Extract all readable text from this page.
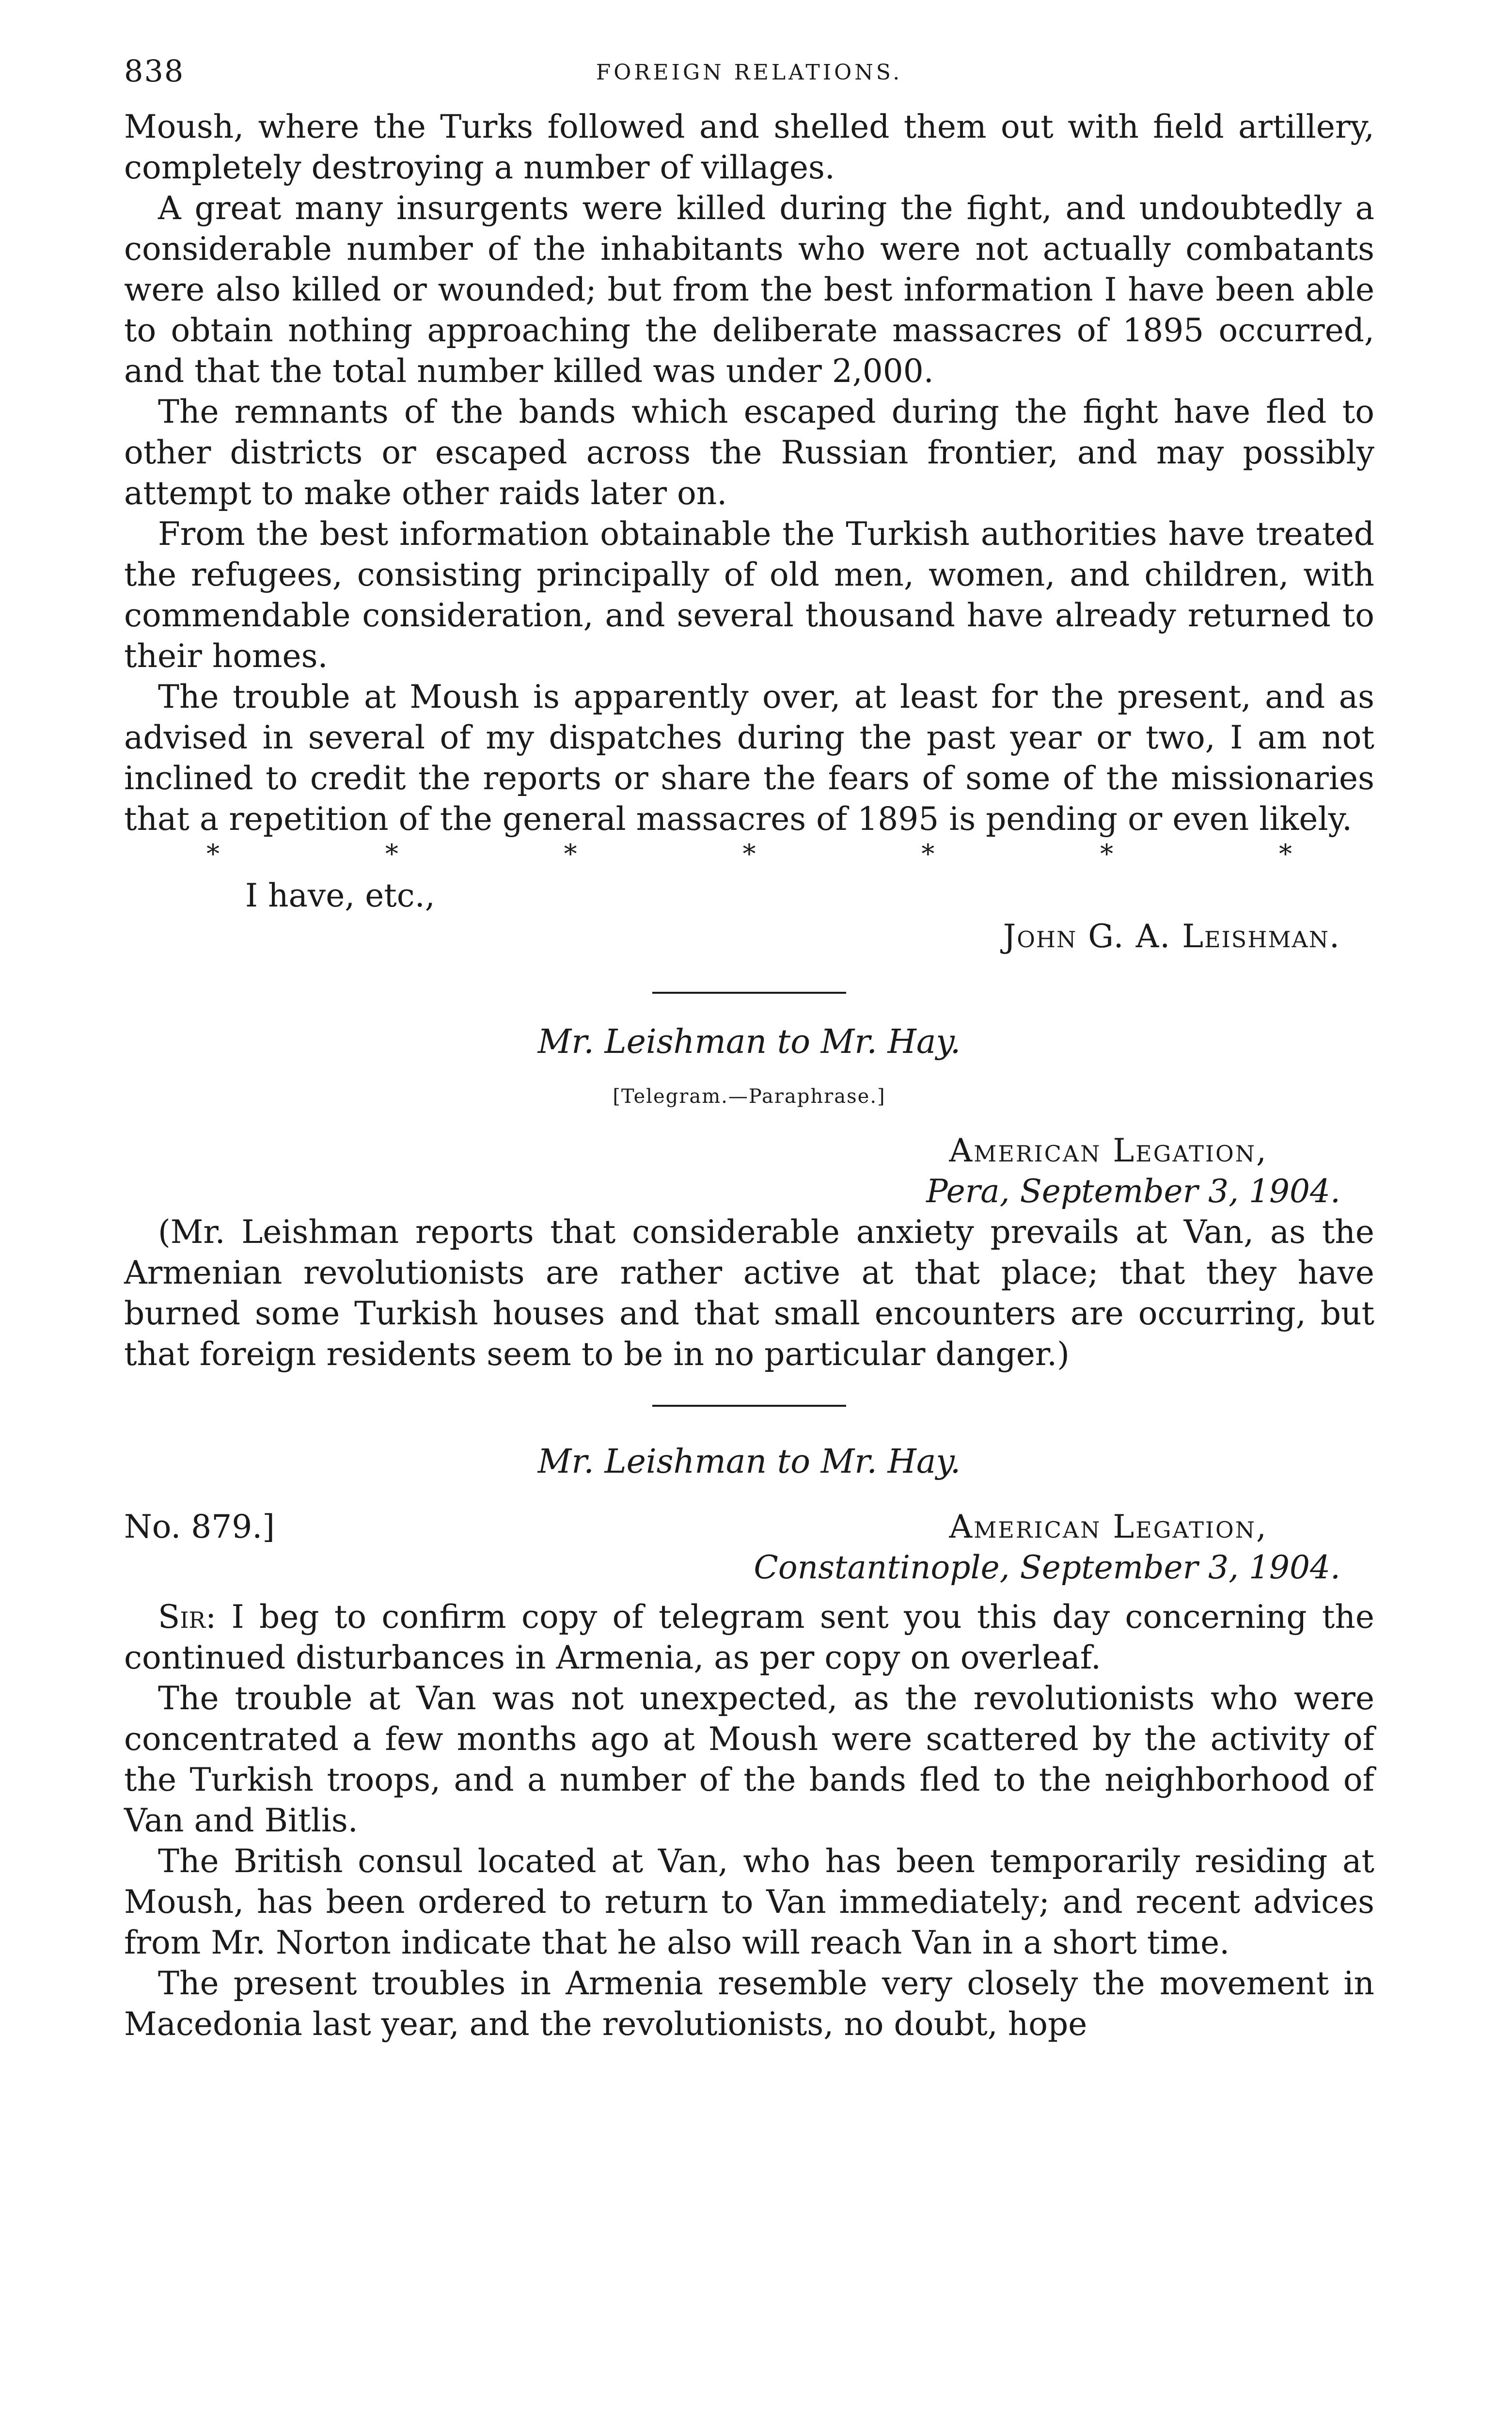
838	FOREIGN RELATIONS.

Moush, where the Turks followed and shelled them out with field artillery, completely destroying a number of villages.

A great many insurgents were killed during the fight, and undoubtedly a considerable number of the inhabitants who were not actually combatants were also killed or wounded; but from the best information I have been able to obtain nothing approaching the deliberate massacres of 1895 occurred, and that the total number killed was under 2,000.

The remnants of the bands which escaped during the fight have fled to other districts or escaped across the Russian frontier, and may possibly attempt to make other raids later on.

From the best information obtainable the Turkish authorities have treated the refugees, consisting principally of old men, women, and children, with commendable consideration, and several thousand have already returned to their homes.

The trouble at Moush is apparently over, at least for the present, and as advised in several of my dispatches during the past year or two, I am not inclined to credit the reports or share the fears of some of the missionaries that a repetition of the general massacres of 1895 is pending or even likely.

*	*	*	*	*	*	*
I have, etc.,
John G. A. Leishman.

Mr. Leishman to Mr. Hay.

[Telegram.—Paraphrase.]

American Legation,
Pera, September 3, 1904.

(Mr. Leishman reports that considerable anxiety prevails at Van, as the Armenian revolutionists are rather active at that place; that they have burned some Turkish houses and that small encounters are occurring, but that foreign residents seem to be in no particular danger.)

Mr. Leishman to Mr. Hay.

No. 879.]	American Legation,
Constantinople, September 3, 1904.

Sir: I beg to confirm copy of telegram sent you this day concerning the continued disturbances in Armenia, as per copy on overleaf.

The trouble at Van was not unexpected, as the revolutionists who were concentrated a few months ago at Moush were scattered by the activity of the Turkish troops, and a number of the bands fled to the neighborhood of Van and Bitlis.

The British consul located at Van, who has been temporarily residing at Moush, has been ordered to return to Van immediately; and recent advices from Mr. Norton indicate that he also will reach Van in a short time.

The present troubles in Armenia resemble very closely the movement in Macedonia last year, and the revolutionists, no doubt, hope
